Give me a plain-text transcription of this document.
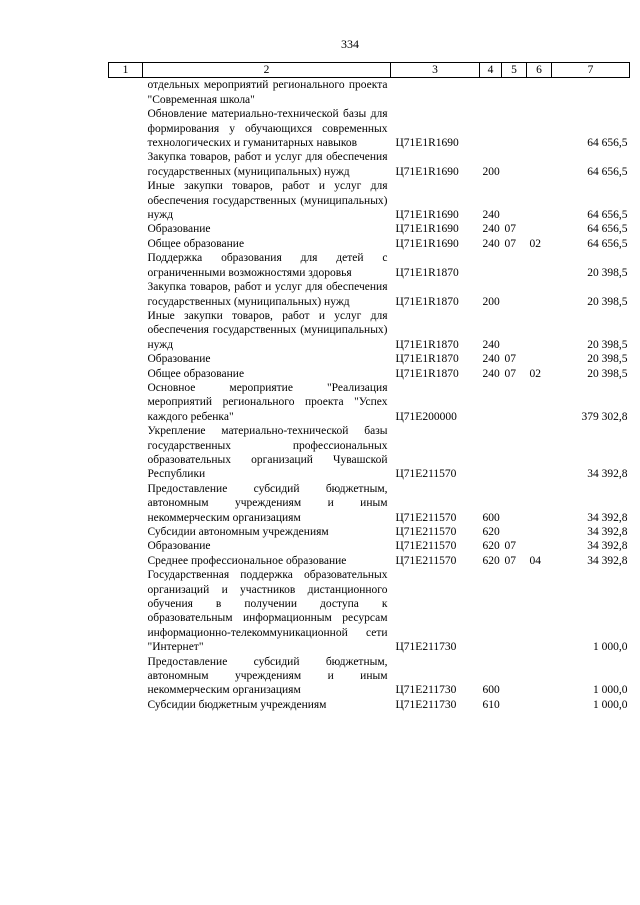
334
1	2	3	4	5	6	7
	отдельных мероприятий регионального проекта "Современная школа"					
	Обновление материально-технической базы для формирования у обучающихся современных технологических и гуманитарных навыков	Ц71E1R1690				64 656,5
	Закупка товаров, работ и услуг для обеспечения государственных (муниципальных) нужд	Ц71E1R1690	200			64 656,5
	Иные закупки товаров, работ и услуг для обеспечения государственных (муниципальных) нужд	Ц71E1R1690	240			64 656,5
	Образование	Ц71E1R1690	240	07		64 656,5
	Общее образование	Ц71E1R1690	240	07	02	64 656,5
	Поддержка образования для детей с ограниченными возможностями здоровья	Ц71E1R1870				20 398,5
	Закупка товаров, работ и услуг для обеспечения государственных (муниципальных) нужд	Ц71E1R1870	200			20 398,5
	Иные закупки товаров, работ и услуг для обеспечения государственных (муниципальных) нужд	Ц71E1R1870	240			20 398,5
	Образование	Ц71E1R1870	240	07		20 398,5
	Общее образование	Ц71E1R1870	240	07	02	20 398,5
	Основное мероприятие "Реализация мероприятий регионального проекта "Успех каждого ребенка"	Ц71E200000				379 302,8
	Укрепление материально-технической базы государственных профессиональных образовательных организаций Чувашской Республики	Ц71E211570				34 392,8
	Предоставление субсидий бюджетным, автономным учреждениям и иным некоммерческим организациям	Ц71E211570	600			34 392,8
	Субсидии автономным учреждениям	Ц71E211570	620			34 392,8
	Образование	Ц71E211570	620	07		34 392,8
	Среднее профессиональное образование	Ц71E211570	620	07	04	34 392,8
	Государственная поддержка образовательных организаций и участников дистанционного обучения в получении доступа к образовательным информационным ресурсам информационно-телекоммуникационной сети "Интернет"	Ц71E211730				1 000,0
	Предоставление субсидий бюджетным, автономным учреждениям и иным некоммерческим организациям	Ц71E211730	600			1 000,0
	Субсидии бюджетным учреждениям	Ц71E211730	610			1 000,0
